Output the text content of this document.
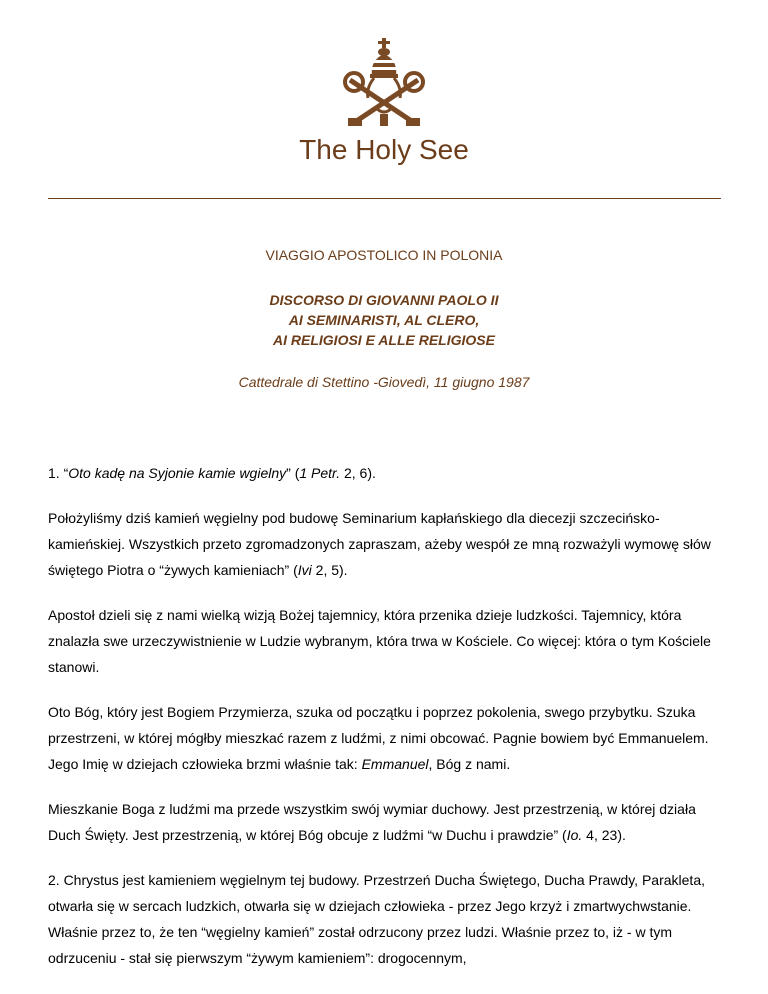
The Holy See
VIAGGIO APOSTOLICO IN POLONIA
DISCORSO DI GIOVANNI PAOLO II
AI SEMINARISTI, AL CLERO,
AI RELIGIOSI E ALLE RELIGIOSE
Cattedrale di Stettino -Giovedì, 11 giugno 1987

1. “Oto kadę na Syjonie kamie wgielny” (1 Petr. 2, 6).

Położyliśmy dziś kamień węgielny pod budowę Seminarium kapłańskiego dla diecezji szczecińsko-kamieńskiej. Wszystkich przeto zgromadzonych zapraszam, ażeby wespół ze mną rozważyli wymowę słów świętego Piotra o “żywych kamieniach” (Ivi 2, 5).

Apostoł dzieli się z nami wielką wizją Bożej tajemnicy, która przenika dzieje ludzkości. Tajemnicy, która znalazła swe urzeczywistnienie w Ludzie wybranym, która trwa w Kościele. Co więcej: która o tym Kościele stanowi.

Oto Bóg, który jest Bogiem Przymierza, szuka od początku i poprzez pokolenia, swego przybytku. Szuka przestrzeni, w której mógłby mieszkać razem z ludźmi, z nimi obcować. Pagnie bowiem być Emmanuelem. Jego Imię w dziejach człowieka brzmi właśnie tak: Emmanuel, Bóg z nami.

Mieszkanie Boga z ludźmi ma przede wszystkim swój wymiar duchowy. Jest przestrzenią, w której działa Duch Święty. Jest przestrzenią, w której Bóg obcuje z ludźmi “w Duchu i prawdzie” (Io. 4, 23).

2. Chrystus jest kamieniem węgielnym tej budowy. Przestrzeń Ducha Świętego, Ducha Prawdy, Parakleta, otwarła się w sercach ludzkich, otwarła się w dziejach człowieka - przez Jego krzyż i zmartwychwstanie. Właśnie przez to, że ten “węgielny kamień” został odrzucony przez ludzi. Właśnie przez to, iż - w tym odrzuceniu - stał się pierwszym “żywym kamieniem”: drogocennym,
